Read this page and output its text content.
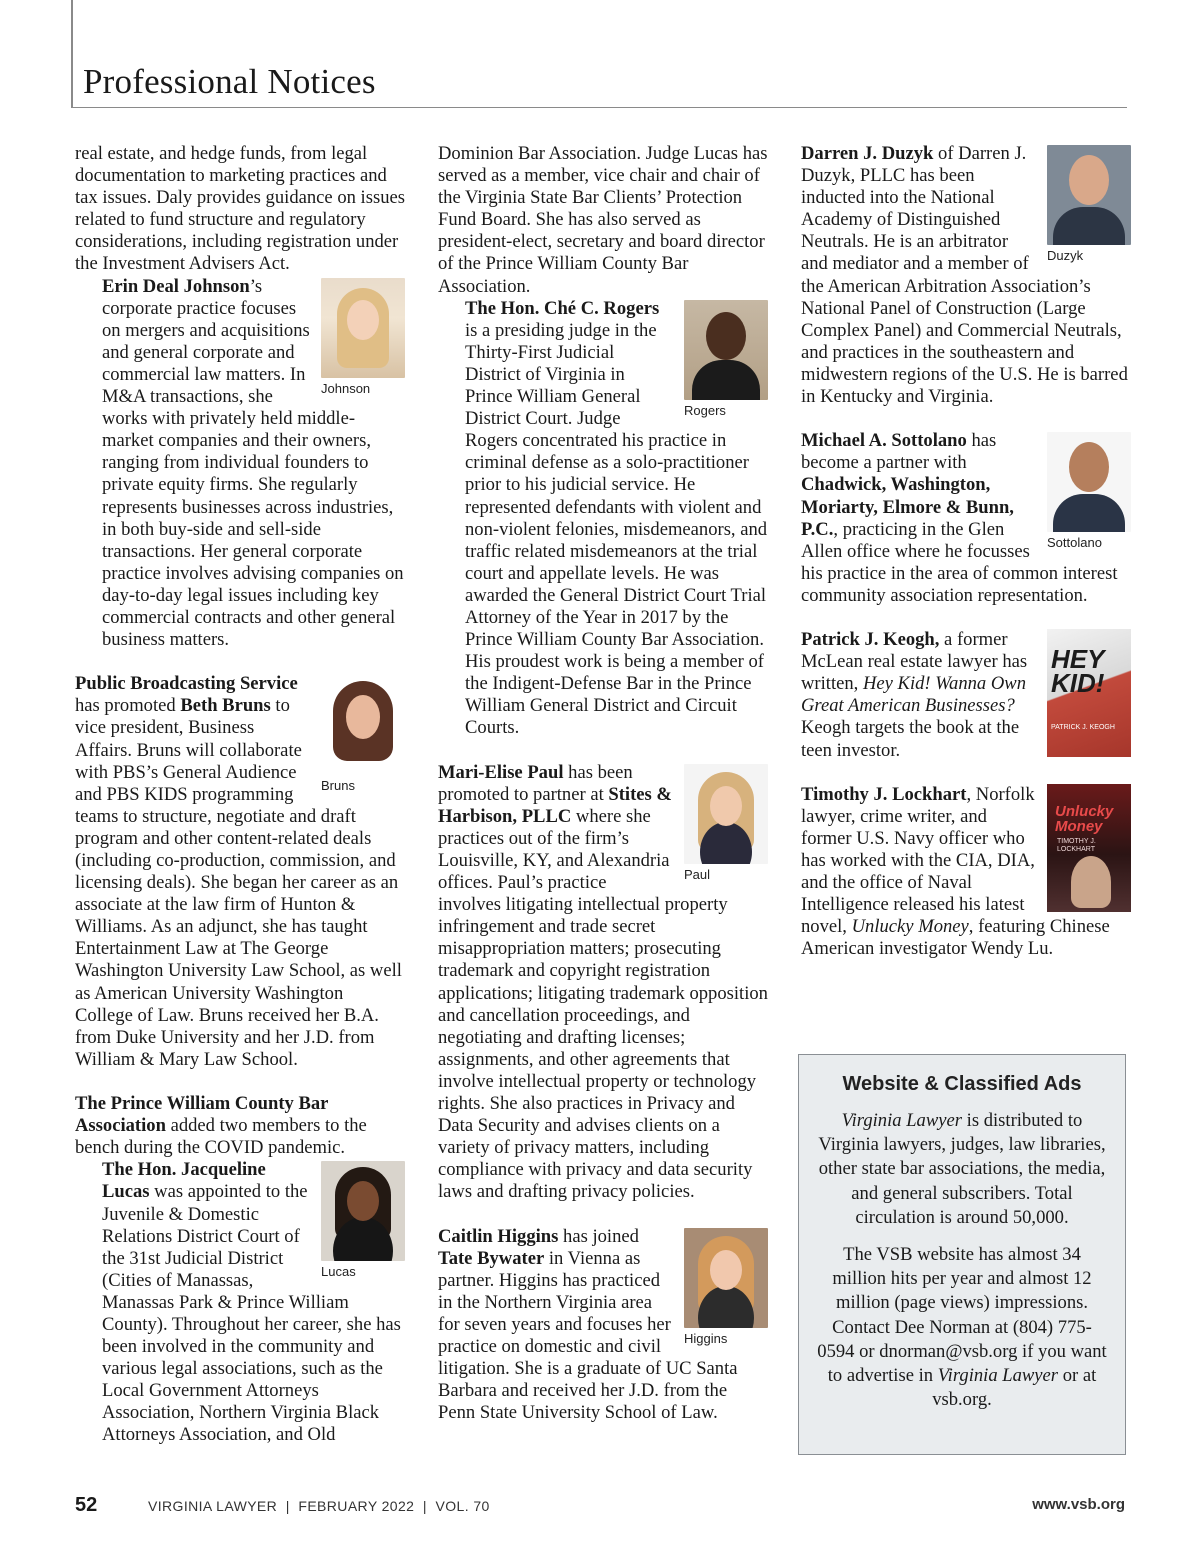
Professional Notices

real estate, and hedge funds, from legal documentation to marketing practices and tax issues. Daly provides guidance on issues related to fund structure and regulatory considerations, including registration under the Investment Advisers Act.

Johnson
Erin Deal Johnson’s corporate practice focuses on mergers and acquisitions and general corporate and commercial law matters. In M&A transactions, she works with privately held middle-market companies and their owners, ranging from individual founders to private equity firms. She regularly represents businesses across industries, in both buy-side and sell-side transactions. Her general corporate practice involves advising companies on day-to-day legal issues including key commercial contracts and other general business matters.

Bruns
Public Broadcasting Service has promoted Beth Bruns to vice president, Business Affairs. Bruns will collaborate with PBS’s General Audience and PBS KIDS programming teams to structure, negotiate and draft program and other content-related deals (including co-production, commission, and licensing deals). She began her career as an associate at the law firm of Hunton & Williams. As an adjunct, she has taught Entertainment Law at The George Washington University Law School, as well as American University Washington College of Law. Bruns received her B.A. from Duke University and her J.D. from William & Mary Law School.

The Prince William County Bar Association added two members to the bench during the COVID pandemic.

Lucas
The Hon. Jacqueline Lucas was appointed to the Juvenile & Domestic Relations District Court of the 31st Judicial District (Cities of Manassas, Manassas Park & Prince William County). Throughout her career, she has been involved in the community and various legal associations, such as the Local Government Attorneys Association, Northern Virginia Black Attorneys Association, and Old

Dominion Bar Association. Judge Lucas has served as a member, vice chair and chair of the Virginia State Bar Clients’ Protection Fund Board. She has also served as president-elect, secretary and board director of the Prince William County Bar Association.

Rogers
The Hon. Ché C. Rogers is a presiding judge in the Thirty-First Judicial District of Virginia in Prince William General District Court. Judge Rogers concentrated his practice in criminal defense as a solo-practitioner prior to his judicial service. He represented defendants with violent and non-violent felonies, misdemeanors, and traffic related misdemeanors at the trial court and appellate levels. He was awarded the General District Court Trial Attorney of the Year in 2017 by the Prince William County Bar Association. His proudest work is being a member of the Indigent-Defense Bar in the Prince William General District and Circuit Courts.

Paul
Mari-Elise Paul has been promoted to partner at Stites & Harbison, PLLC where she practices out of the firm’s Louisville, KY, and Alexandria offices. Paul’s practice involves litigating intellectual property infringement and trade secret misappropriation matters; prosecuting trademark and copyright registration applications; litigating trademark opposition and cancellation proceedings, and negotiating and drafting licenses; assignments, and other agreements that involve intellectual property or technology rights. She also practices in Privacy and Data Security and advises clients on a variety of privacy matters, including compliance with privacy and data security laws and drafting privacy policies.

Higgins
Caitlin Higgins has joined Tate Bywater in Vienna as partner. Higgins has practiced in the Northern Virginia area for seven years and focuses her practice on domestic and civil litigation. She is a graduate of UC Santa Barbara and received her J.D. from the Penn State University School of Law.

Duzyk
Darren J. Duzyk of Darren J. Duzyk, PLLC has been inducted into the National Academy of Distinguished Neutrals. He is an arbitrator and mediator and a member of the American Arbitration Association’s National Panel of Construction (Large Complex Panel) and Commercial Neutrals, and practices in the southeastern and midwestern regions of the U.S. He is barred in Kentucky and Virginia.

Sottolano
Michael A. Sottolano has become a partner with Chadwick, Washington, Moriarty, Elmore & Bunn, P.C., practicing in the Glen Allen office where he focusses his practice in the area of common interest community association representation.

HEY KID!
PATRICK J. KEOGH
Patrick J. Keogh, a former McLean real estate lawyer has written, Hey Kid! Wanna Own Great American Businesses? Keogh targets the book at the teen investor.

Unlucky Money
TIMOTHY J. LOCKHART
Timothy J. Lockhart, Norfolk lawyer, crime writer, and former U.S. Navy officer who has worked with the CIA, DIA, and the office of Naval Intelligence released his latest novel, Unlucky Money, featuring Chinese American investigator Wendy Lu.

Website & Classified Ads

Virginia Lawyer is distributed to Virginia lawyers, judges, law libraries, other state bar associations, the media, and general subscribers. Total circulation is around 50,000.

The VSB website has almost 34 million hits per year and almost 12 million (page views) impressions. Contact Dee Norman at (804) 775-0594 or dnorman@vsb.org if you want to advertise in Virginia Lawyer or at vsb.org.

52	VIRGINIA LAWYER  |  FEBRUARY 2022  |  VOL. 70	www.vsb.org
